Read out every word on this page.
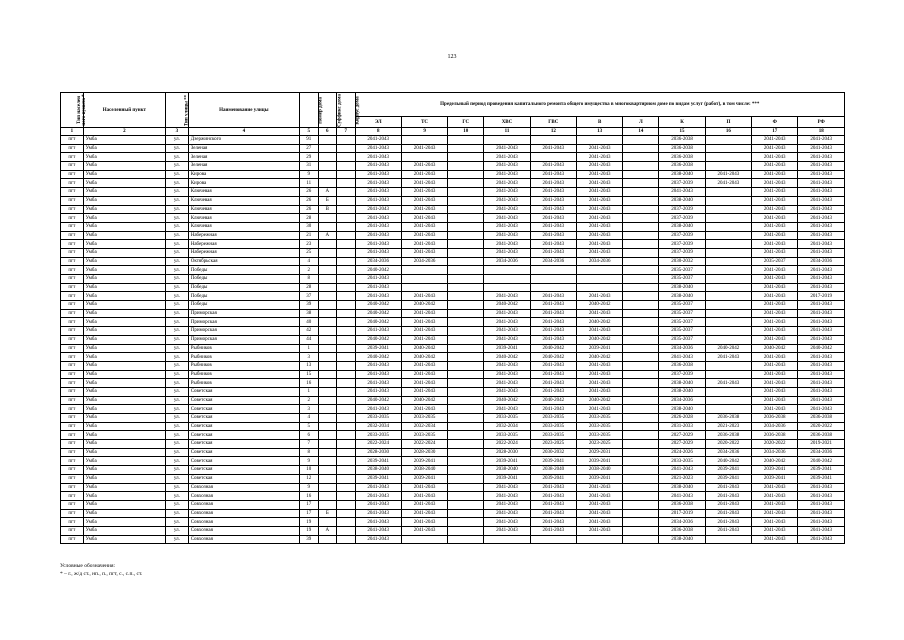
123
Тип населен ного пункта *	Населенный пункт	Тип улицы **	Наименование улицы	Номер дома	Суффикс дома	Корпус дома	Предельный период проведения капитального ремонта общего имущества в многоквартирном доме по видам услуг (работ), в том числе: ***										
							ЭЛ	ТС	ГС	ХВС	ГВС	В	Л	К	П	Ф	РФ
1	2	3	4	5	6	7	8	9	10	11	12	13	14	15	16	17	18
пгт	Умба	ул.	Дзержинского	91			2041-2043							2036-2038		2041-2043	2041-2043
пгт	Умба	ул.	Зеленая	27			2041-2043	2041-2043		2041-2043	2041-2043	2041-2043		2036-2038		2041-2043	2041-2043
пгт	Умба	ул.	Зеленая	29			2041-2043			2041-2043		2041-2043		2036-2038		2041-2043	2041-2043
пгт	Умба	ул.	Зеленая	31			2041-2043	2041-2043		2041-2043	2041-2043	2041-2043		2036-2038		2041-2043	2041-2043
пгт	Умба	ул.	Кирова	9			2041-2043	2041-2043		2041-2043	2041-2043	2041-2043		2038-2040	2041-2043	2041-2043	2041-2043
пгт	Умба	ул.	Кирова	11			2041-2043	2041-2043		2041-2043	2041-2043	2041-2043		2037-2039	2041-2043	2041-2043	2041-2043
пгт	Умба	ул.	Ключевая	26	А		2041-2043	2041-2043		2041-2043	2041-2043	2041-2043		2041-2043		2041-2043	2041-2043
пгт	Умба	ул.	Ключевая	26	Б		2041-2043	2041-2043		2041-2043	2041-2043	2041-2043		2038-2040		2041-2043	2041-2043
пгт	Умба	ул.	Ключевая	26	В		2041-2043	2041-2043		2041-2043	2041-2043	2041-2043		2037-2039		2041-2043	2041-2043
пгт	Умба	ул.	Ключевая	28			2041-2043	2041-2043		2041-2043	2041-2043	2041-2043		2037-2039		2041-2043	2041-2043
пгт	Умба	ул.	Ключевая	30			2041-2043	2041-2043		2041-2043	2041-2043	2041-2043		2038-2040		2041-2043	2041-2043
пгт	Умба	ул.	Набережная	21	А		2041-2043	2041-2043		2041-2043	2041-2043	2041-2043		2037-2039		2041-2043	2041-2043
пгт	Умба	ул.	Набережная	23			2041-2043	2041-2043		2041-2043	2041-2043	2041-2043		2037-2039		2041-2043	2041-2043
пгт	Умба	ул.	Набережная	25			2041-2043	2041-2043		2041-2043	2041-2043	2041-2043		2037-2039		2041-2043	2041-2043
пгт	Умба	ул.	Октябрьская	4			2034-2036	2034-2036		2034-2036	2034-2036	2034-2036		2030-2032		2035-2037	2034-2036
пгт	Умба	ул.	Победы	2			2040-2042							2035-2037		2041-2043	2041-2043
пгт	Умба	ул.	Победы	8			2041-2043							2035-2037		2041-2043	2041-2043
пгт	Умба	ул.	Победы	28			2041-2043							2038-2040		2041-2043	2041-2043
пгт	Умба	ул.	Победы	37			2041-2043	2041-2043		2041-2043	2041-2043	2041-2043		2038-2040		2041-2043	2017-2019
пгт	Умба	ул.	Победы	39			2040-2042	2040-2042		2040-2042	2041-2043	2040-2042		2035-2037		2041-2043	2041-2043
пгт	Умба	ул.	Приморская	38			2040-2042	2041-2043		2041-2043	2041-2043	2041-2043		2035-2037		2041-2043	2041-2043
пгт	Умба	ул.	Приморская	40			2040-2042	2041-2043		2041-2043	2041-2043	2040-2042		2035-2037		2041-2043	2041-2043
пгт	Умба	ул.	Приморская	42			2041-2043	2041-2043		2041-2043	2041-2043	2041-2043		2035-2037		2041-2043	2041-2043
пгт	Умба	ул.	Приморская	44			2040-2042	2041-2043		2041-2043	2041-2043	2040-2042		2035-2037		2041-2043	2041-2043
пгт	Умба	ул.	Рыбников	1			2039-2041	2040-2042		2039-2041	2040-2042	2039-2041		2034-2036	2040-2042	2040-2042	2040-2042
пгт	Умба	ул.	Рыбников	3			2040-2042	2040-2042		2040-2042	2040-2042	2040-2042		2041-2043	2041-2043	2041-2043	2041-2043
пгт	Умба	ул.	Рыбников	13			2041-2043	2041-2043		2041-2043	2041-2043	2041-2043		2036-2038		2041-2043	2041-2043
пгт	Умба	ул.	Рыбников	15			2041-2043	2041-2043		2041-2043	2041-2043	2041-2043		2037-2039		2041-2043	2041-2043
пгт	Умба	ул.	Рыбников	16			2041-2043	2041-2043		2041-2043	2041-2043	2041-2043		2038-2040	2041-2043	2041-2043	2041-2043
пгт	Умба	ул.	Советская	1			2041-2043	2041-2043		2041-2043	2041-2043	2041-2043		2038-2040		2041-2043	2041-2043
пгт	Умба	ул.	Советская	2			2040-2042	2040-2042		2040-2042	2040-2042	2040-2042		2034-2036		2041-2043	2041-2043
пгт	Умба	ул.	Советская	3			2041-2043	2041-2043		2041-2043	2041-2043	2041-2043		2038-2040		2041-2043	2041-2043
пгт	Умба	ул.	Советская	4			2033-2035	2033-2035		2033-2035	2033-2035	2033-2035		2026-2028	2036-2038	2036-2038	2036-2038
пгт	Умба	ул.	Советская	5			2032-2034	2032-2034		2032-2034	2033-2035	2033-2035		2031-2033	2021-2023	2034-2036	2020-2022
пгт	Умба	ул.	Советская	6			2033-2035	2033-2035		2033-2035	2033-2035	2033-2035		2027-2029	2036-2038	2036-2038	2036-2038
пгт	Умба	ул.	Советская	7			2022-2024	2022-2024		2022-2024	2023-2025	2023-2025		2027-2029	2020-2022	2020-2022	2019-2021
пгт	Умба	ул.	Советская	8			2028-2030	2028-2030		2028-2030	2030-2032	2029-2031		2024-2026	2034-2036	2034-2036	2034-2036
пгт	Умба	ул.	Советская	9			2039-2041	2039-2041		2039-2041	2039-2041	2039-2041		2033-2035	2040-2042	2040-2042	2040-2042
пгт	Умба	ул.	Советская	10			2038-2040	2038-2040		2038-2040	2038-2040	2038-2040		2041-2043	2039-2041	2039-2041	2039-2041
пгт	Умба	ул.	Советская	12			2039-2041	2039-2041		2039-2041	2039-2041	2039-2041		2021-2023	2039-2041	2039-2041	2039-2041
пгт	Умба	ул.	Совхозная	9			2041-2043	2041-2043		2041-2043	2041-2043	2041-2043		2038-2040	2041-2043	2041-2043	2041-2043
пгт	Умба	ул.	Совхозная	16			2041-2043	2041-2043		2041-2043	2041-2043	2041-2043		2041-2043	2041-2043	2041-2043	2041-2043
пгт	Умба	ул.	Совхозная	17			2041-2043	2041-2043		2041-2043	2041-2043	2041-2043		2036-2038	2041-2043	2041-2043	2041-2043
пгт	Умба	ул.	Совхозная	17	Б		2041-2043	2041-2043		2041-2043	2041-2043	2041-2043		2017-2019	2041-2043	2041-2043	2041-2043
пгт	Умба	ул.	Совхозная	19			2041-2043	2041-2043		2041-2043	2041-2043	2041-2043		2034-2036	2041-2043	2041-2043	2041-2043
пгт	Умба	ул.	Совхозная	19	А		2041-2043	2041-2043		2041-2043	2041-2043	2041-2043		2036-2038	2041-2043	2041-2043	2041-2043
пгт	Умба	ул.	Совхозная	39			2041-2043							2038-2040		2041-2043	2041-2043
Условные обозначения:
* – г., ж/д ст., нп., п., пгт, с., с.п., ст.
